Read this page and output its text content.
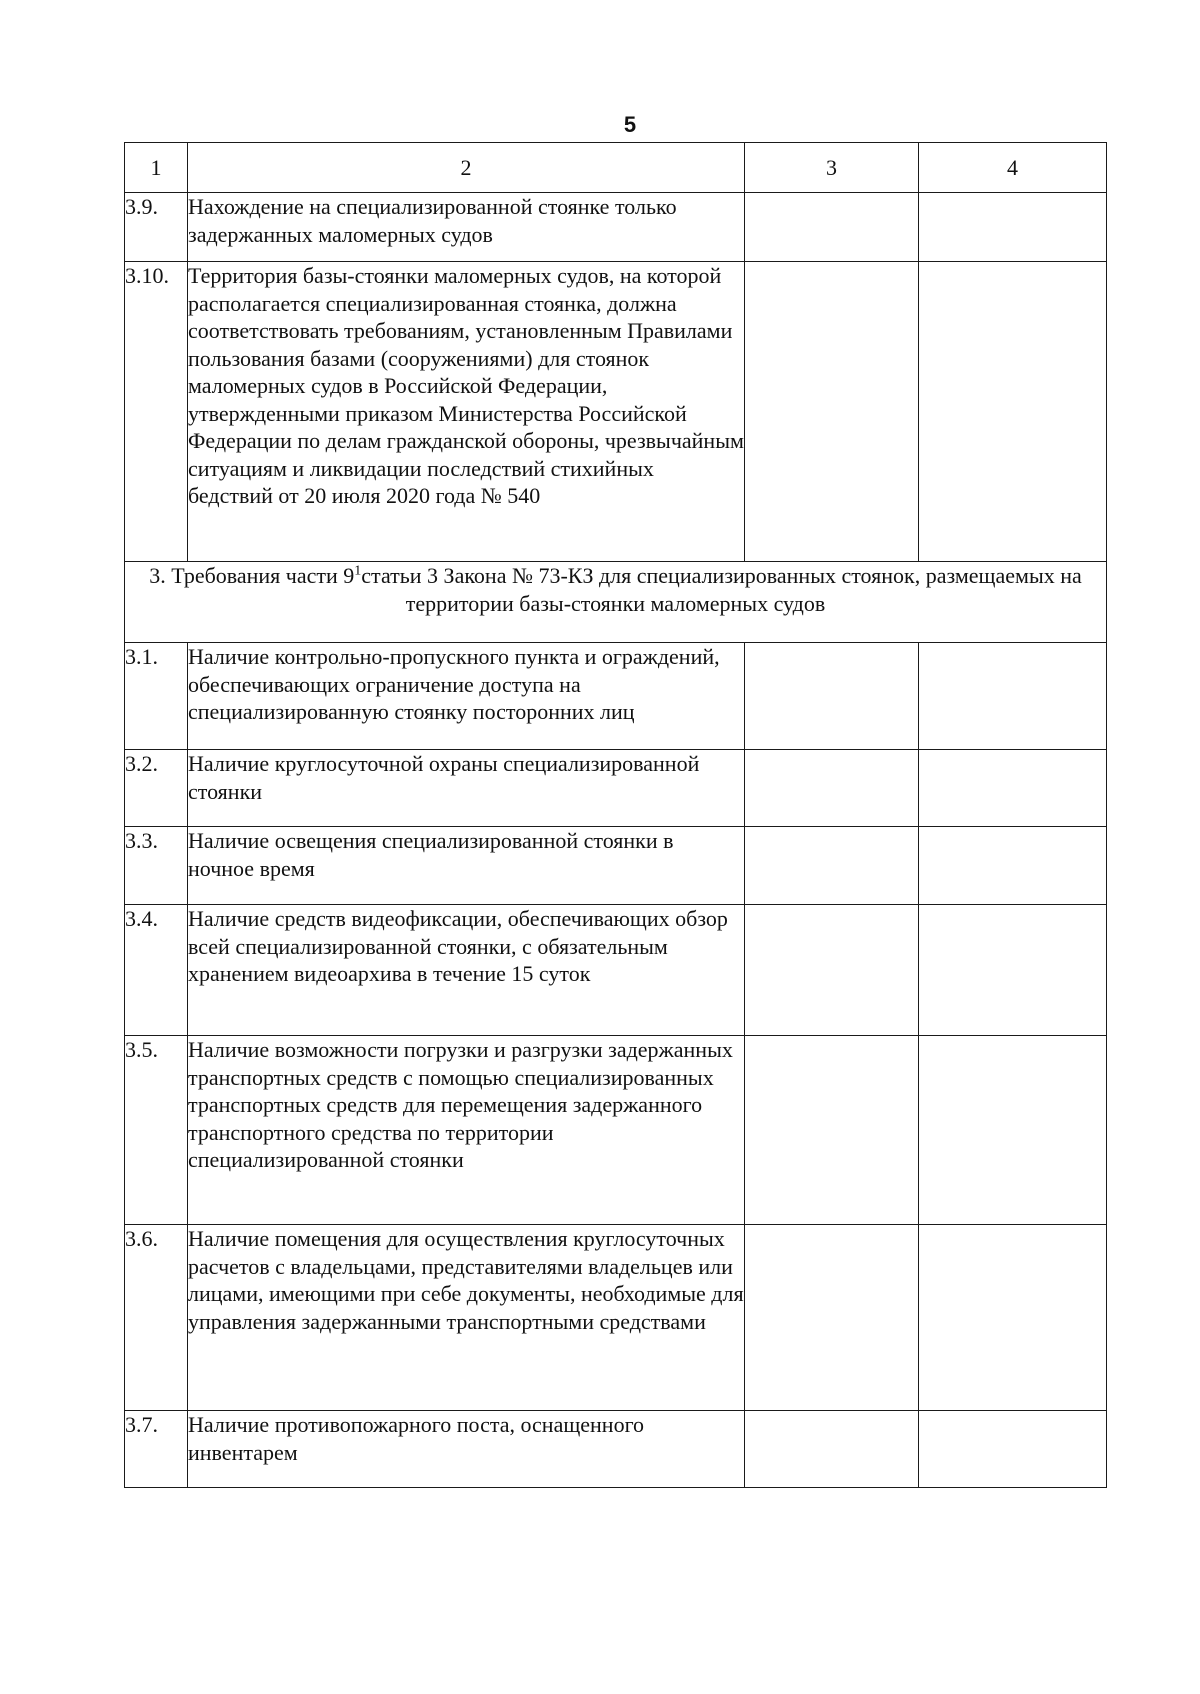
5
1	2	3	4
3.9.	Нахождение на специализированной стоянке только задержанных маломерных судов		
3.10.	Территория базы-стоянки маломерных судов, на которой располагается специализированная стоянка, должна соответствовать требованиям, установленным Правилами пользования базами (сооружениями) для стоянок маломерных судов в Российской Федерации, утвержденными приказом Министерства Российской Федерации по делам гражданской обороны, чрезвычайным ситуациям и ликвидации последствий стихийных бедствий от 20 июля 2020 года № 540		
3. Требования части $9^1статьи$ 3 Закона № 73-КЗ для специализированных стоянок, размещаемых на территории базы-стоянки маломерных судов			
3.1.	Наличие контрольно-пропускного пункта и ограждений, обеспечивающих ограничение доступа на специализированную стоянку посторонних лиц		
3.2.	Наличие круглосуточной охраны специализированной стоянки		
3.3.	Наличие освещения специализированной стоянки в ночное время		
3.4.	Наличие средств видеофиксации, обеспечивающих обзор всей специализированной стоянки, с обязательным хранением видеоархива в течение 15 суток		
3.5.	Наличие возможности погрузки и разгрузки задержанных транспортных средств с помощью специализированных транспортных средств для перемещения задержанного транспортного средства по территории специализированной стоянки		
3.6.	Наличие помещения для осуществления круглосуточных расчетов с владельцами, представителями владельцев или лицами, имеющими при себе документы, необходимые для управления задержанными транспортными средствами		
3.7.	Наличие противопожарного поста, оснащенного инвентарем		
